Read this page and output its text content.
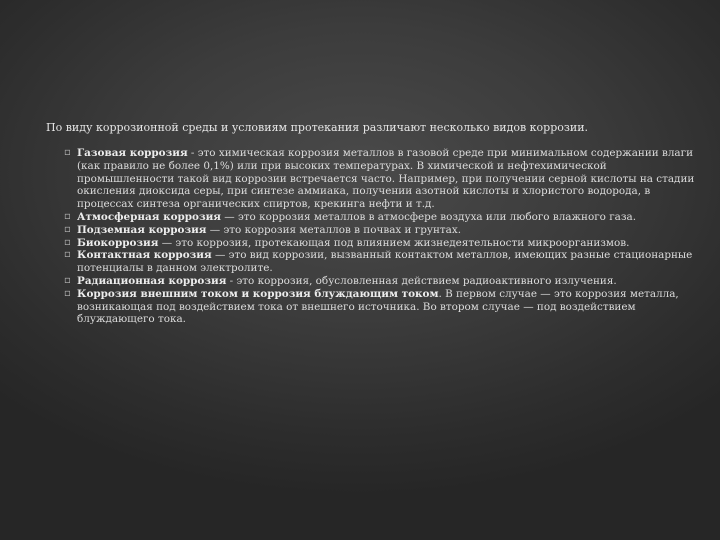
По виду коррозионной среды и условиям протекания различают несколько видов коррозии.

▫ Газовая коррозия - это химическая коррозия металлов в газовой среде при минимальном содержании влаги (как правило не более 0,1%) или при высоких температурах. В химической и нефтехимической промышленности такой вид коррозии встречается часто. Например, при получении серной кислоты на стадии окисления диоксида серы, при синтезе аммиака, получении азотной кислоты и хлористого водорода, в процессах синтеза органических спиртов, крекинга нефти и т.д.
▫ Атмосферная коррозия — это коррозия металлов в атмосфере воздуха или любого влажного газа.
▫ Подземная коррозия — это коррозия металлов в почвах и грунтах.
▫ Биокоррозия — это коррозия, протекающая под влиянием жизнедеятельности микроорганизмов.
▫ Контактная коррозия — это вид коррозии, вызванный контактом металлов, имеющих разные стационарные потенциалы в данном электролите.
▫ Радиационная коррозия - это коррозия, обусловленная действием радиоактивного излучения.
▫ Коррозия внешним током и коррозия блуждающим током. В первом случае — это коррозия металла, возникающая под воздействием тока от внешнего источника. Во втором случае — под воздействием блуждающего тока.
